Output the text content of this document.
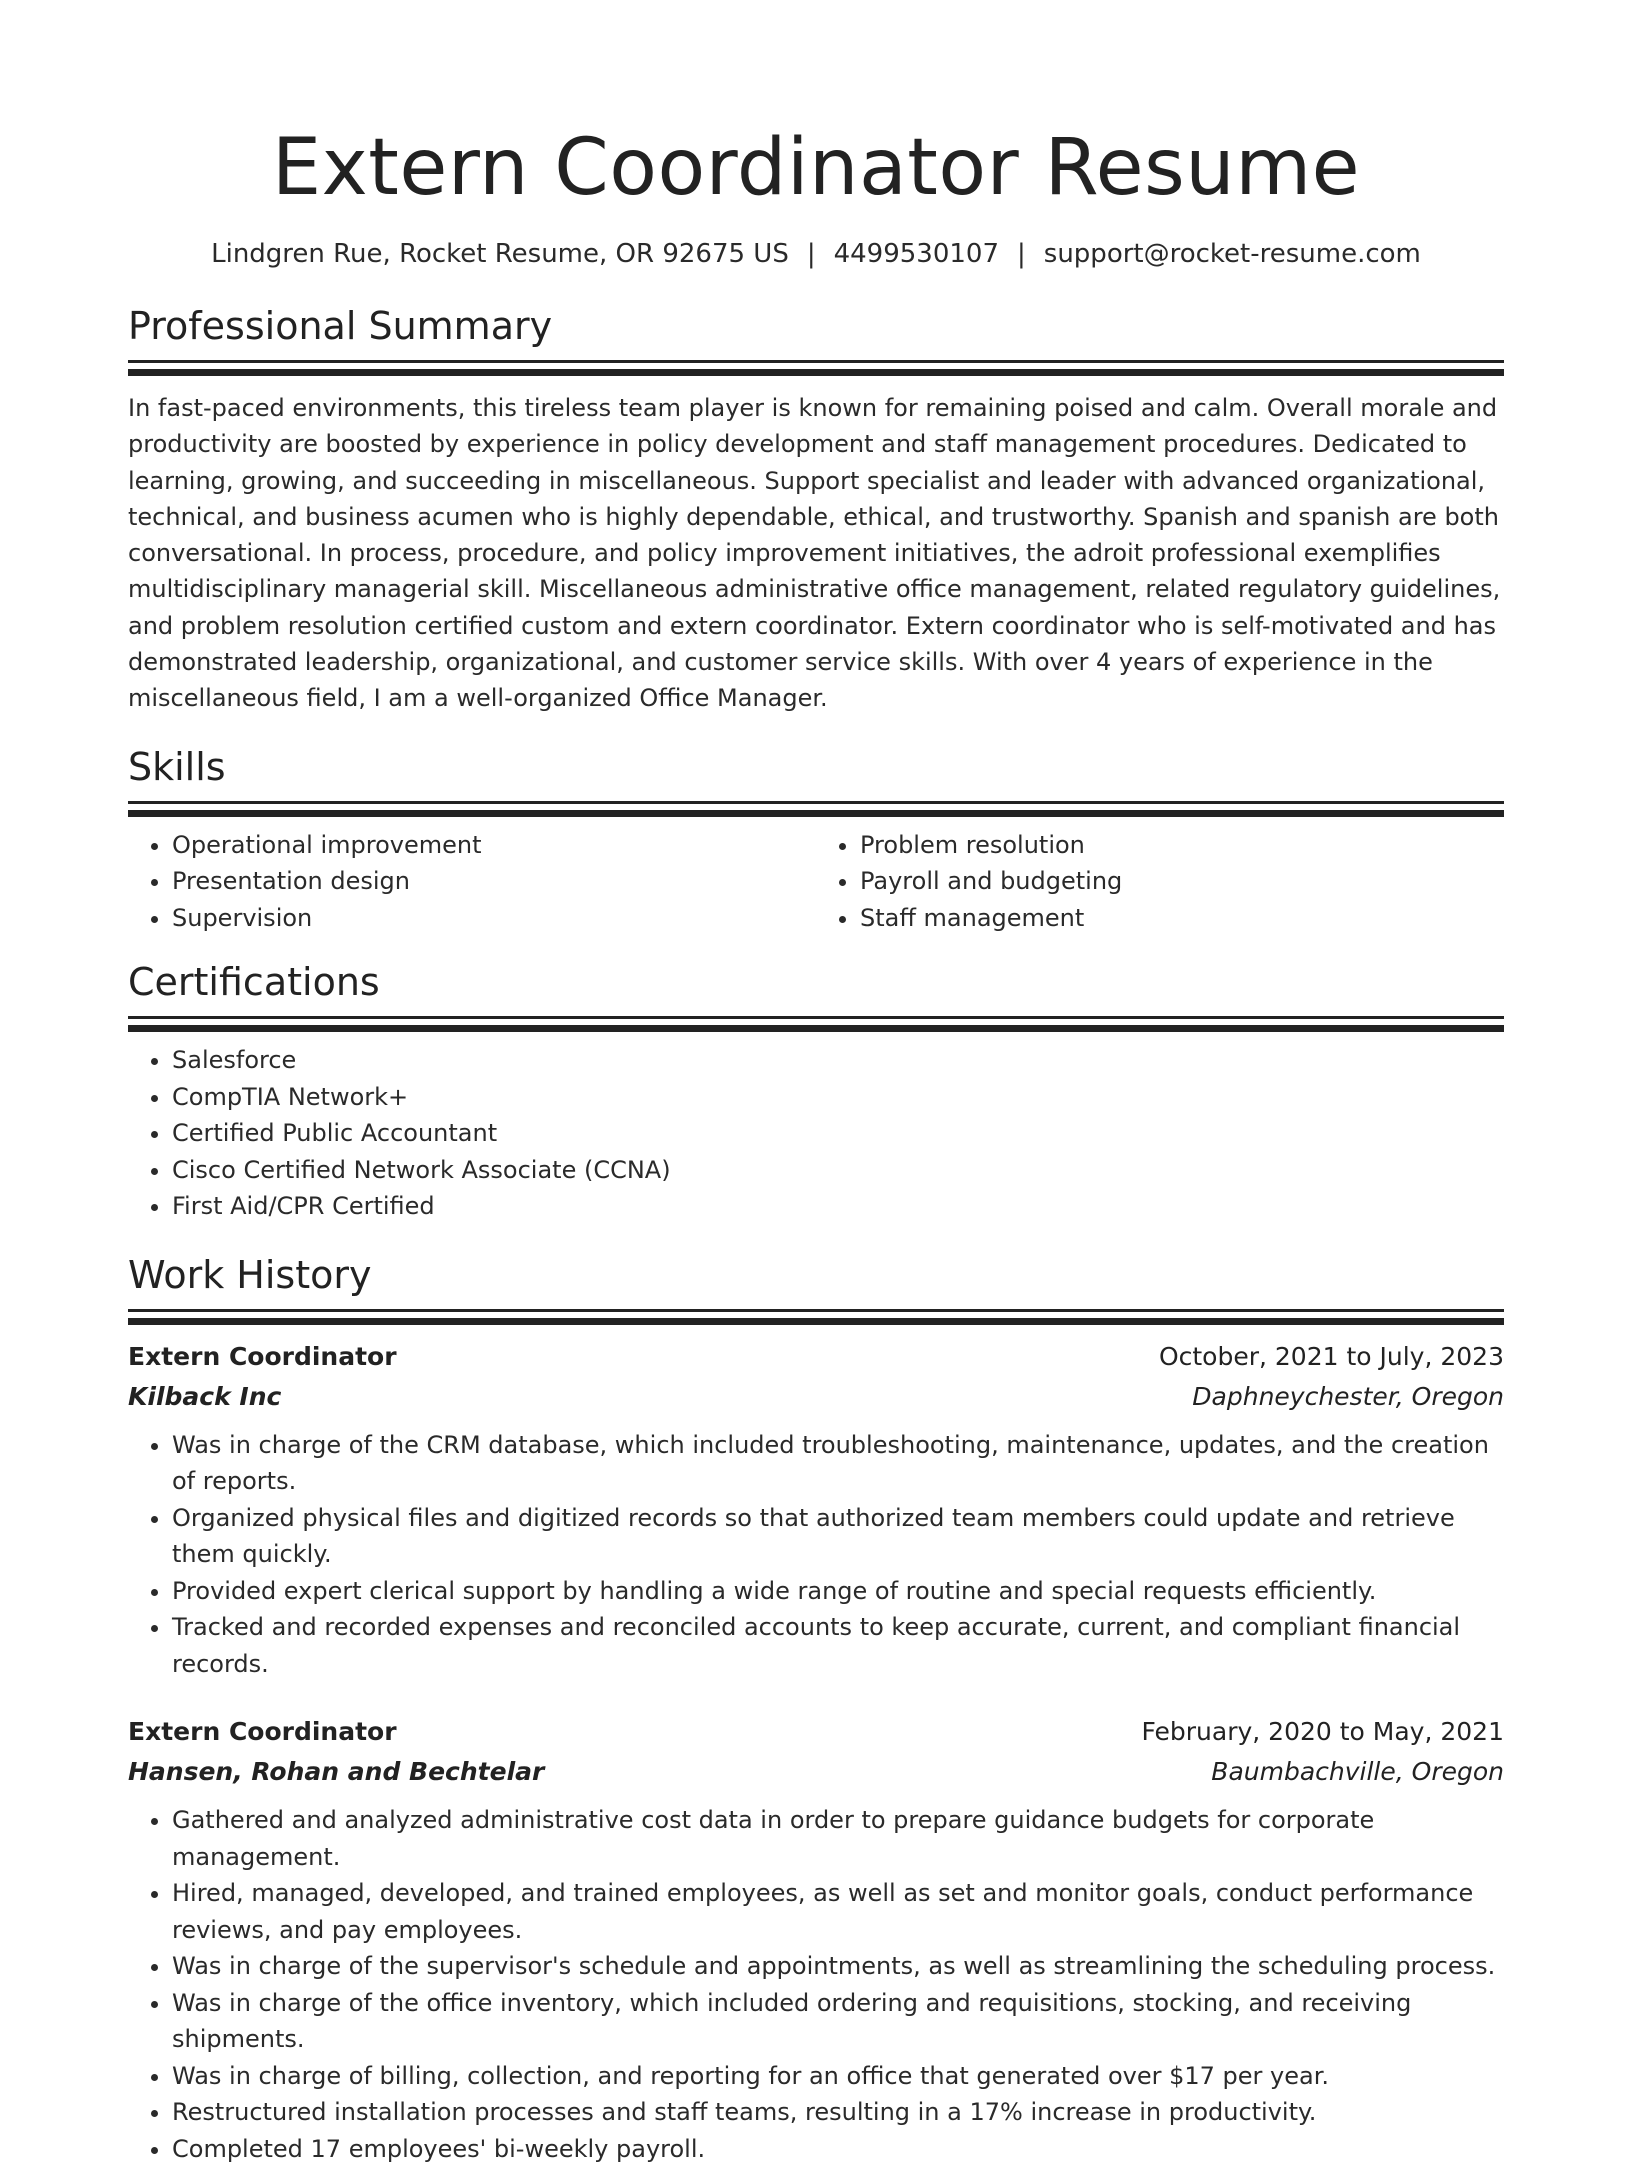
Extern Coordinator Resume
Lindgren Rue, Rocket Resume, OR 92675 US | 4499530107 | support@rocket-resume.com
Professional Summary

In fast-paced environments, this tireless team player is known for remaining poised and calm. Overall morale and productivity are boosted by experience in policy development and staff management procedures. Dedicated to learning, growing, and succeeding in miscellaneous. Support specialist and leader with advanced organizational, technical, and business acumen who is highly dependable, ethical, and trustworthy. Spanish and spanish are both conversational. In process, procedure, and policy improvement initiatives, the adroit professional exemplifies multidisciplinary managerial skill. Miscellaneous administrative office management, related regulatory guidelines, and problem resolution certified custom and extern coordinator. Extern coordinator who is self-motivated and has demonstrated leadership, organizational, and customer service skills. With over 4 years of experience in the miscellaneous field, I am a well-organized Office Manager.

Skills
• Operational improvement
• Presentation design
• Supervision
• Problem resolution
• Payroll and budgeting
• Staff management
Certifications
• Salesforce
• CompTIA Network+
• Certified Public Accountant
• Cisco Certified Network Associate (CCNA)
• First Aid/CPR Certified
Work History
Extern Coordinator	October, 2021 to July, 2023
Kilback Inc	Daphneychester, Oregon
• Was in charge of the CRM database, which included troubleshooting, maintenance, updates, and the creation of reports.
• Organized physical files and digitized records so that authorized team members could update and retrieve them quickly.
• Provided expert clerical support by handling a wide range of routine and special requests efficiently.
• Tracked and recorded expenses and reconciled accounts to keep accurate, current, and compliant financial records.
Extern Coordinator	February, 2020 to May, 2021
Hansen, Rohan and Bechtelar	Baumbachville, Oregon
• Gathered and analyzed administrative cost data in order to prepare guidance budgets for corporate management.
• Hired, managed, developed, and trained employees, as well as set and monitor goals, conduct performance reviews, and pay employees.
• Was in charge of the supervisor's schedule and appointments, as well as streamlining the scheduling process.
• Was in charge of the office inventory, which included ordering and requisitions, stocking, and receiving shipments.
• Was in charge of billing, collection, and reporting for an office that generated over $17 per year.
• Restructured installation processes and staff teams, resulting in a 17% increase in productivity.
• Completed 17 employees' bi-weekly payroll.
